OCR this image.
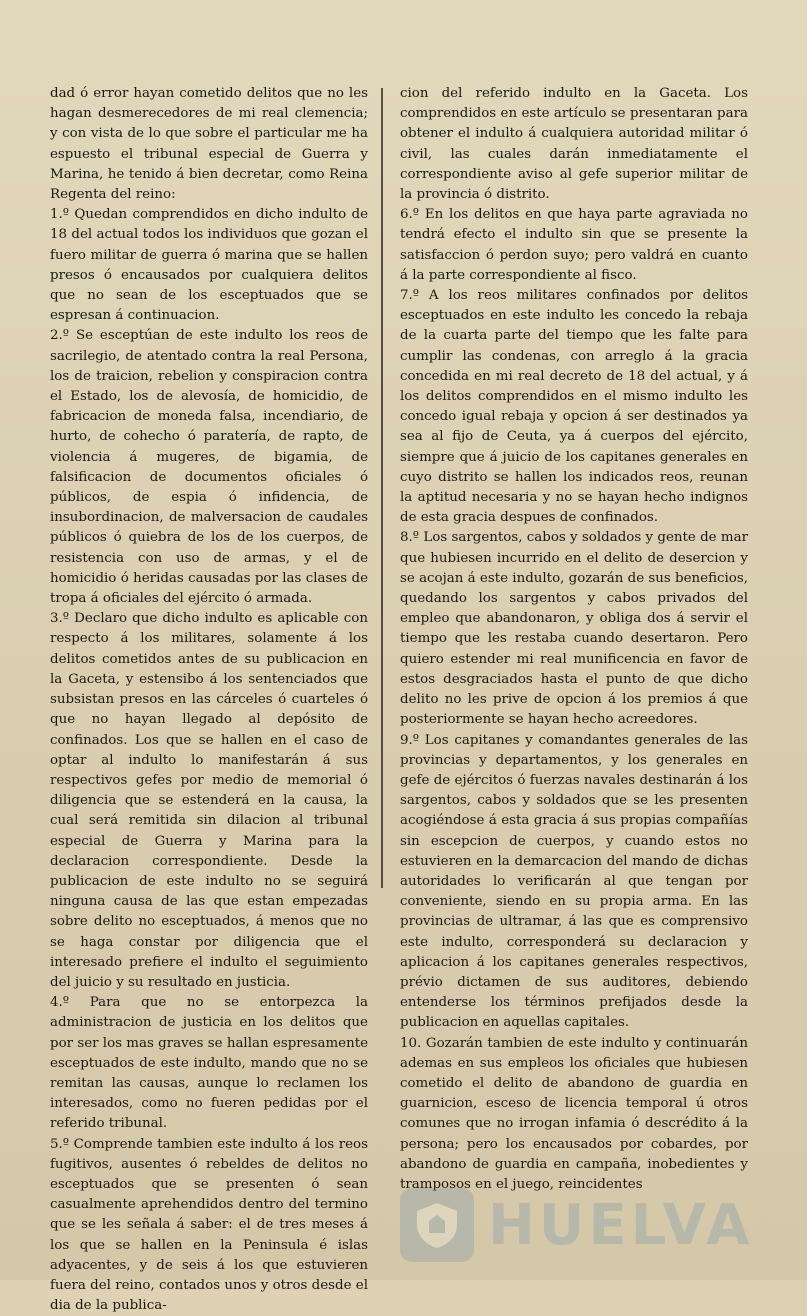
dad ó error hayan cometido delitos que no les hagan desmerecedores de mi real clemencia; y con vista de lo que sobre el particular me ha espuesto el tribunal especial de Guerra y Marina, he tenido á bien decretar, como Reina Regenta del reino:

1.º Quedan comprendidos en dicho indulto de 18 del actual todos los individuos que gozan el fuero militar de guerra ó marina que se hallen presos ó encausados por cualquiera delitos que no sean de los esceptuados que se espresan á continuacion.

2.º Se esceptúan de este indulto los reos de sacrilegio, de atentado contra la real Persona, los de traicion, rebelion y conspiracion contra el Estado, los de alevosía, de homicidio, de fabricacion de moneda falsa, incendiario, de hurto, de cohecho ó paratería, de rapto, de violencia á mugeres, de bigamia, de falsificacion de documentos oficiales ó públicos, de espia ó infidencia, de insubordinacion, de malversacion de caudales públicos ó quiebra de los de los cuerpos, de resistencia con uso de armas, y el de homicidio ó heridas causadas por las clases de tropa á oficiales del ejército ó armada.

3.º Declaro que dicho indulto es aplicable con respecto á los militares, solamente á los delitos cometidos antes de su publicacion en la Gaceta, y estensibo á los sentenciados que subsistan presos en las cárceles ó cuarteles ó que no hayan llegado al depósito de confinados. Los que se hallen en el caso de optar al indulto lo manifestarán á sus respectivos gefes por medio de memorial ó diligencia que se estenderá en la causa, la cual será remitida sin dilacion al tribunal especial de Guerra y Marina para la declaracion correspondiente. Desde la publicacion de este indulto no se seguirá ninguna causa de las que estan empezadas sobre delito no esceptuados, á menos que no se haga constar por diligencia que el interesado prefiere el indulto el seguimiento del juicio y su resultado en justicia.

4.º Para que no se entorpezca la administracion de justicia en los delitos que por ser los mas graves se hallan espresamente esceptuados de este indulto, mando que no se remitan las causas, aunque lo reclamen los interesados, como no fueren pedidas por el referido tribunal.

5.º Comprende tambien este indulto á los reos fugitivos, ausentes ó rebeldes de delitos no esceptuados que se presenten ó sean casualmente aprehendidos dentro del termino que se les señala á saber: el de tres meses á los que se hallen en la Peninsula é islas adyacentes, y de seis á los que estuvieren fuera del reino, contados unos y otros desde el dia de la publica-

cion del referido indulto en la Gaceta. Los comprendidos en este artículo se presentaran para obtener el indulto á cualquiera autoridad militar ó civil, las cuales darán inmediatamente el correspondiente aviso al gefe superior militar de la provincia ó distrito.

6.º En los delitos en que haya parte agraviada no tendrá efecto el indulto sin que se presente la satisfaccion ó perdon suyo; pero valdrá en cuanto á la parte correspondiente al fisco.

7.º A los reos militares confinados por delitos esceptuados en este indulto les concedo la rebaja de la cuarta parte del tiempo que les falte para cumplir las condenas, con arreglo á la gracia concedida en mi real decreto de 18 del actual, y á los delitos comprendidos en el mismo indulto les concedo igual rebaja y opcion á ser destinados ya sea al fijo de Ceuta, ya á cuerpos del ejército, siempre que á juicio de los capitanes generales en cuyo distrito se hallen los indicados reos, reunan la aptitud necesaria y no se hayan hecho indignos de esta gracia despues de confinados.

8.º Los sargentos, cabos y soldados y gente de mar que hubiesen incurrido en el delito de desercion y se acojan á este indulto, gozarán de sus beneficios, quedando los sargentos y cabos privados del empleo que abandonaron, y obliga dos á servir el tiempo que les restaba cuando desertaron. Pero quiero estender mi real munificencia en favor de estos desgraciados hasta el punto de que dicho delito no les prive de opcion á los premios á que posteriormente se hayan hecho acreedores.

9.º Los capitanes y comandantes generales de las provincias y departamentos, y los generales en gefe de ejércitos ó fuerzas navales destinarán á los sargentos, cabos y soldados que se les presenten acogiéndose á esta gracia á sus propias compañías sin escepcion de cuerpos, y cuando estos no estuvieren en la demarcacion del mando de dichas autoridades lo verificarán al que tengan por conveniente, siendo en su propia arma. En las provincias de ultramar, á las que es comprensivo este indulto, corresponderá su declaracion y aplicacion á los capitanes generales respectivos, prévio dictamen de sus auditores, debiendo entenderse los términos prefijados desde la publicacion en aquellas capitales.

10. Gozarán tambien de este indulto y continuarán ademas en sus empleos los oficiales que hubiesen cometido el delito de abandono de guardia en guarnicion, esceso de licencia temporal ú otros comunes que no irrogan infamia ó descrédito á la persona; pero los encausados por cobardes, por abandono de guardia en campaña, inobedientes y tramposos en el juego, reincidentes

HUELVA
